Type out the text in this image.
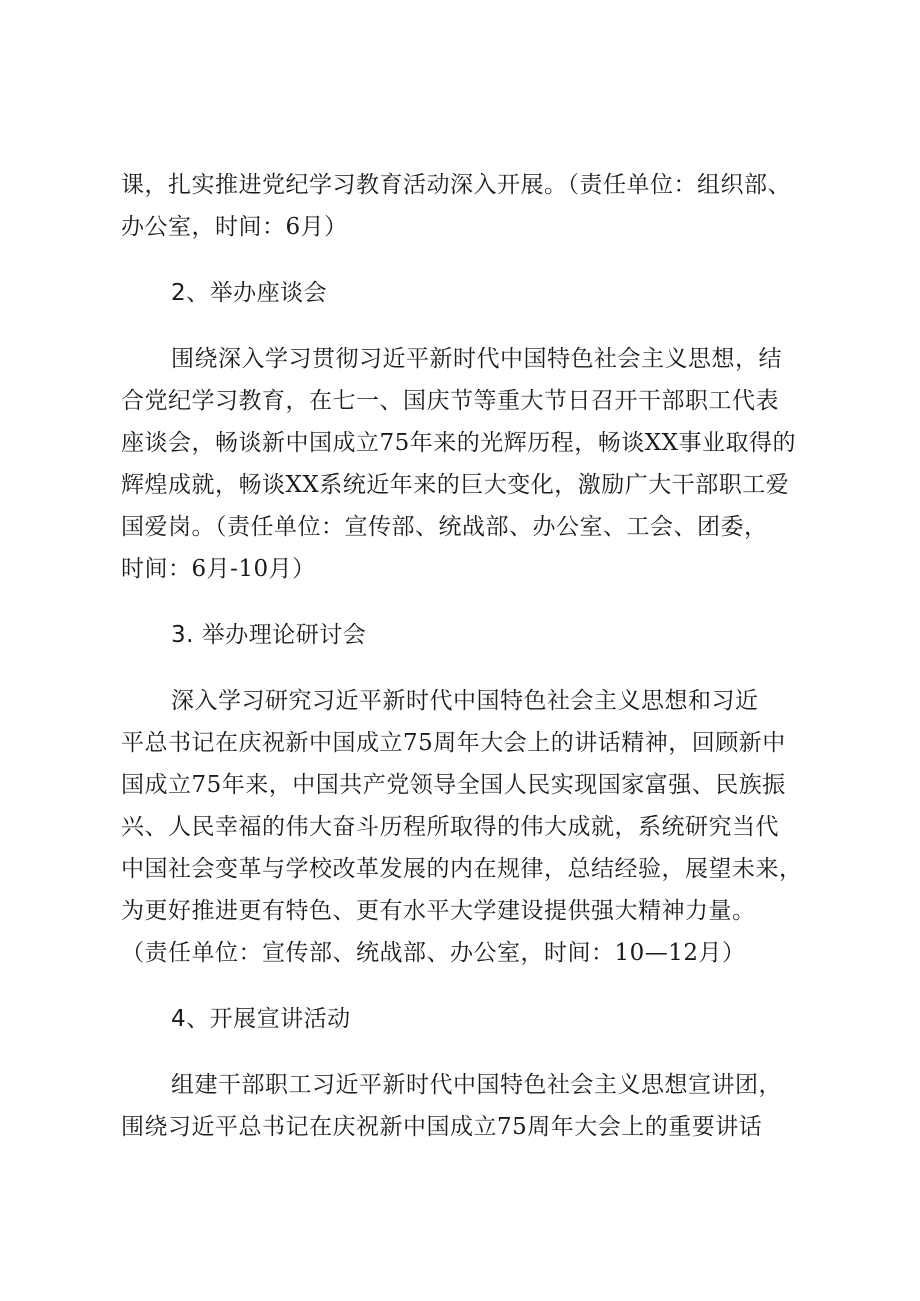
课，扎实推进党纪学习教育活动深入开展。（责任单位：组织部、
办公室，时间：6月）
2、举办座谈会
围绕深入学习贯彻习近平新时代中国特色社会主义思想，结
合党纪学习教育，在七一、国庆节等重大节日召开干部职工代表
座谈会，畅谈新中国成立75年来的光辉历程，畅谈XX事业取得的
辉煌成就，畅谈XX系统近年来的巨大变化，激励广大干部职工爱
国爱岗。（责任单位：宣传部、统战部、办公室、工会、团委，
时间：6月-10月）
3. 举办理论研讨会
深入学习研究习近平新时代中国特色社会主义思想和习近
平总书记在庆祝新中国成立75周年大会上的讲话精神，回顾新中
国成立75年来，中国共产党领导全国人民实现国家富强、民族振
兴、人民幸福的伟大奋斗历程所取得的伟大成就，系统研究当代
中国社会变革与学校改革发展的内在规律，总结经验，展望未来，
为更好推进更有特色、更有水平大学建设提供强大精神力量。
（责任单位：宣传部、统战部、办公室，时间：10—12月）
4、开展宣讲活动
组建干部职工习近平新时代中国特色社会主义思想宣讲团，
围绕习近平总书记在庆祝新中国成立75周年大会上的重要讲话
